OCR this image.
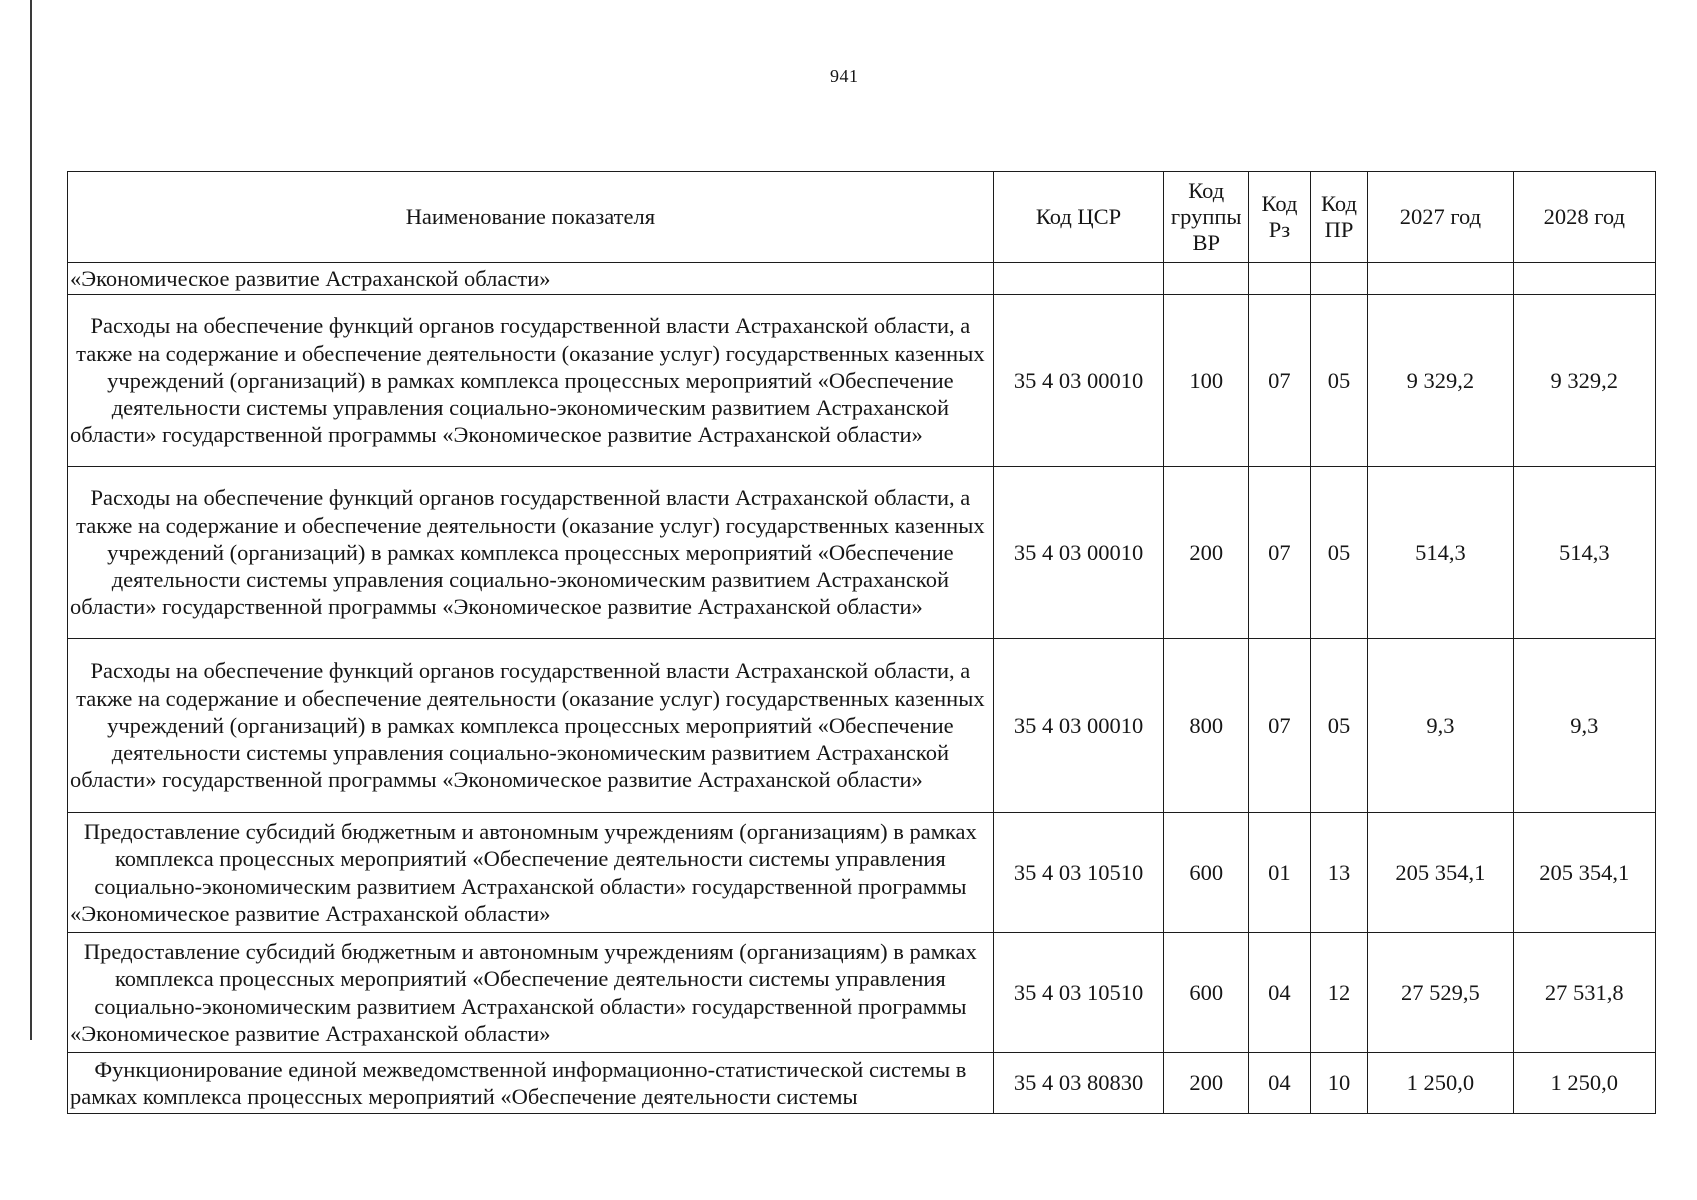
941
Наименование показателя	Код ЦСР	Код группы ВР	Код Рз	Код ПР	2027 год	2028 год
«Экономическое развитие Астраханской области»						
Расходы на обеспечение функций органов государственной власти Астраханской области, а также на содержание и обеспечение деятельности (оказание услуг) государственных казенных учреждений (организаций) в рамках комплекса процессных мероприятий «Обеспечение деятельности системы управления социально-экономическим развитием Астраханской области» государственной программы «Экономическое развитие Астраханской области»	35 4 03 00010	100	07	05	9 329,2	9 329,2
Расходы на обеспечение функций органов государственной власти Астраханской области, а также на содержание и обеспечение деятельности (оказание услуг) государственных казенных учреждений (организаций) в рамках комплекса процессных мероприятий «Обеспечение деятельности системы управления социально-экономическим развитием Астраханской области» государственной программы «Экономическое развитие Астраханской области»	35 4 03 00010	200	07	05	514,3	514,3
Расходы на обеспечение функций органов государственной власти Астраханской области, а также на содержание и обеспечение деятельности (оказание услуг) государственных казенных учреждений (организаций) в рамках комплекса процессных мероприятий «Обеспечение деятельности системы управления социально-экономическим развитием Астраханской области» государственной программы «Экономическое развитие Астраханской области»	35 4 03 00010	800	07	05	9,3	9,3
Предоставление субсидий бюджетным и автономным учреждениям (организациям) в рамках комплекса процессных мероприятий «Обеспечение деятельности системы управления социально-экономическим развитием Астраханской области» государственной программы «Экономическое развитие Астраханской области»	35 4 03 10510	600	01	13	205 354,1	205 354,1
Предоставление субсидий бюджетным и автономным учреждениям (организациям) в рамках комплекса процессных мероприятий «Обеспечение деятельности системы управления социально-экономическим развитием Астраханской области» государственной программы «Экономическое развитие Астраханской области»	35 4 03 10510	600	04	12	27 529,5	27 531,8
Функционирование единой межведомственной информационно-статистической системы в рамках комплекса процессных мероприятий «Обеспечение деятельности системы	35 4 03 80830	200	04	10	1 250,0	1 250,0
